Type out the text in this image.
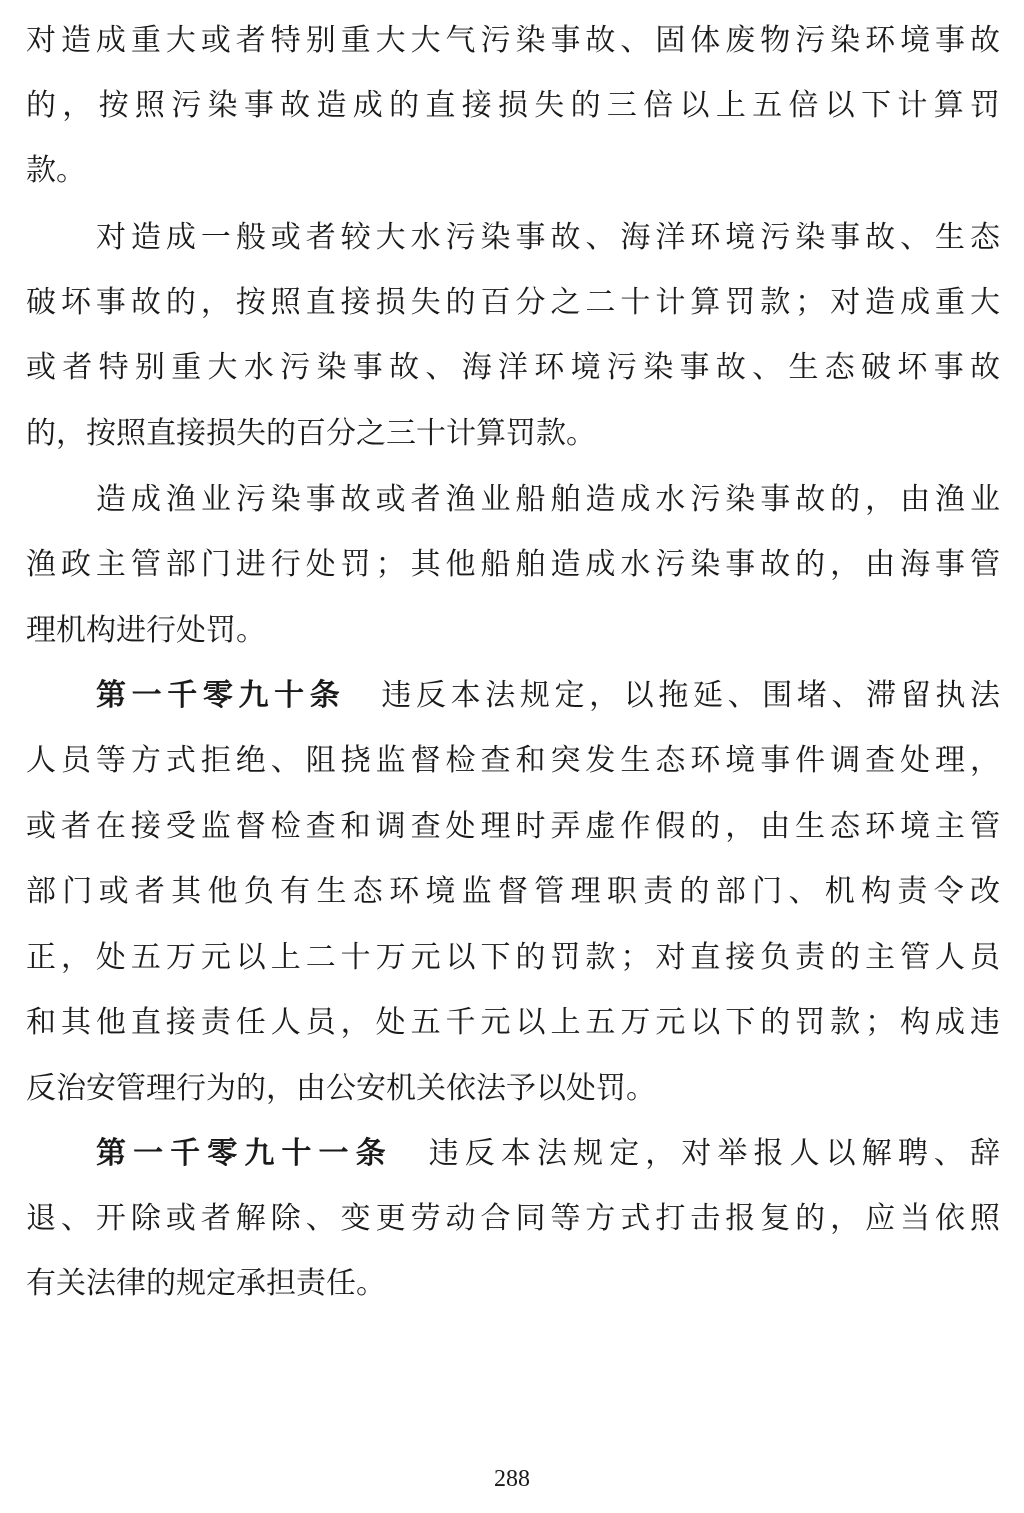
对造成重大或者特别重大大气污染事故、固体废物污染环境事故
的，按照污染事故造成的直接损失的三倍以上五倍以下计算罚
款。
对造成一般或者较大水污染事故、海洋环境污染事故、生态
破坏事故的，按照直接损失的百分之二十计算罚款；对造成重大
或者特别重大水污染事故、海洋环境污染事故、生态破坏事故
的，按照直接损失的百分之三十计算罚款。
造成渔业污染事故或者渔业船舶造成水污染事故的，由渔业
渔政主管部门进行处罚；其他船舶造成水污染事故的，由海事管
理机构进行处罚。
第一千零九十条 违反本法规定，以拖延、围堵、滞留执法
人员等方式拒绝、阻挠监督检查和突发生态环境事件调查处理，
或者在接受监督检查和调查处理时弄虚作假的，由生态环境主管
部门或者其他负有生态环境监督管理职责的部门、机构责令改
正，处五万元以上二十万元以下的罚款；对直接负责的主管人员
和其他直接责任人员，处五千元以上五万元以下的罚款；构成违
反治安管理行为的，由公安机关依法予以处罚。
第一千零九十一条 违反本法规定，对举报人以解聘、辞
退、开除或者解除、变更劳动合同等方式打击报复的，应当依照
有关法律的规定承担责任。
288
